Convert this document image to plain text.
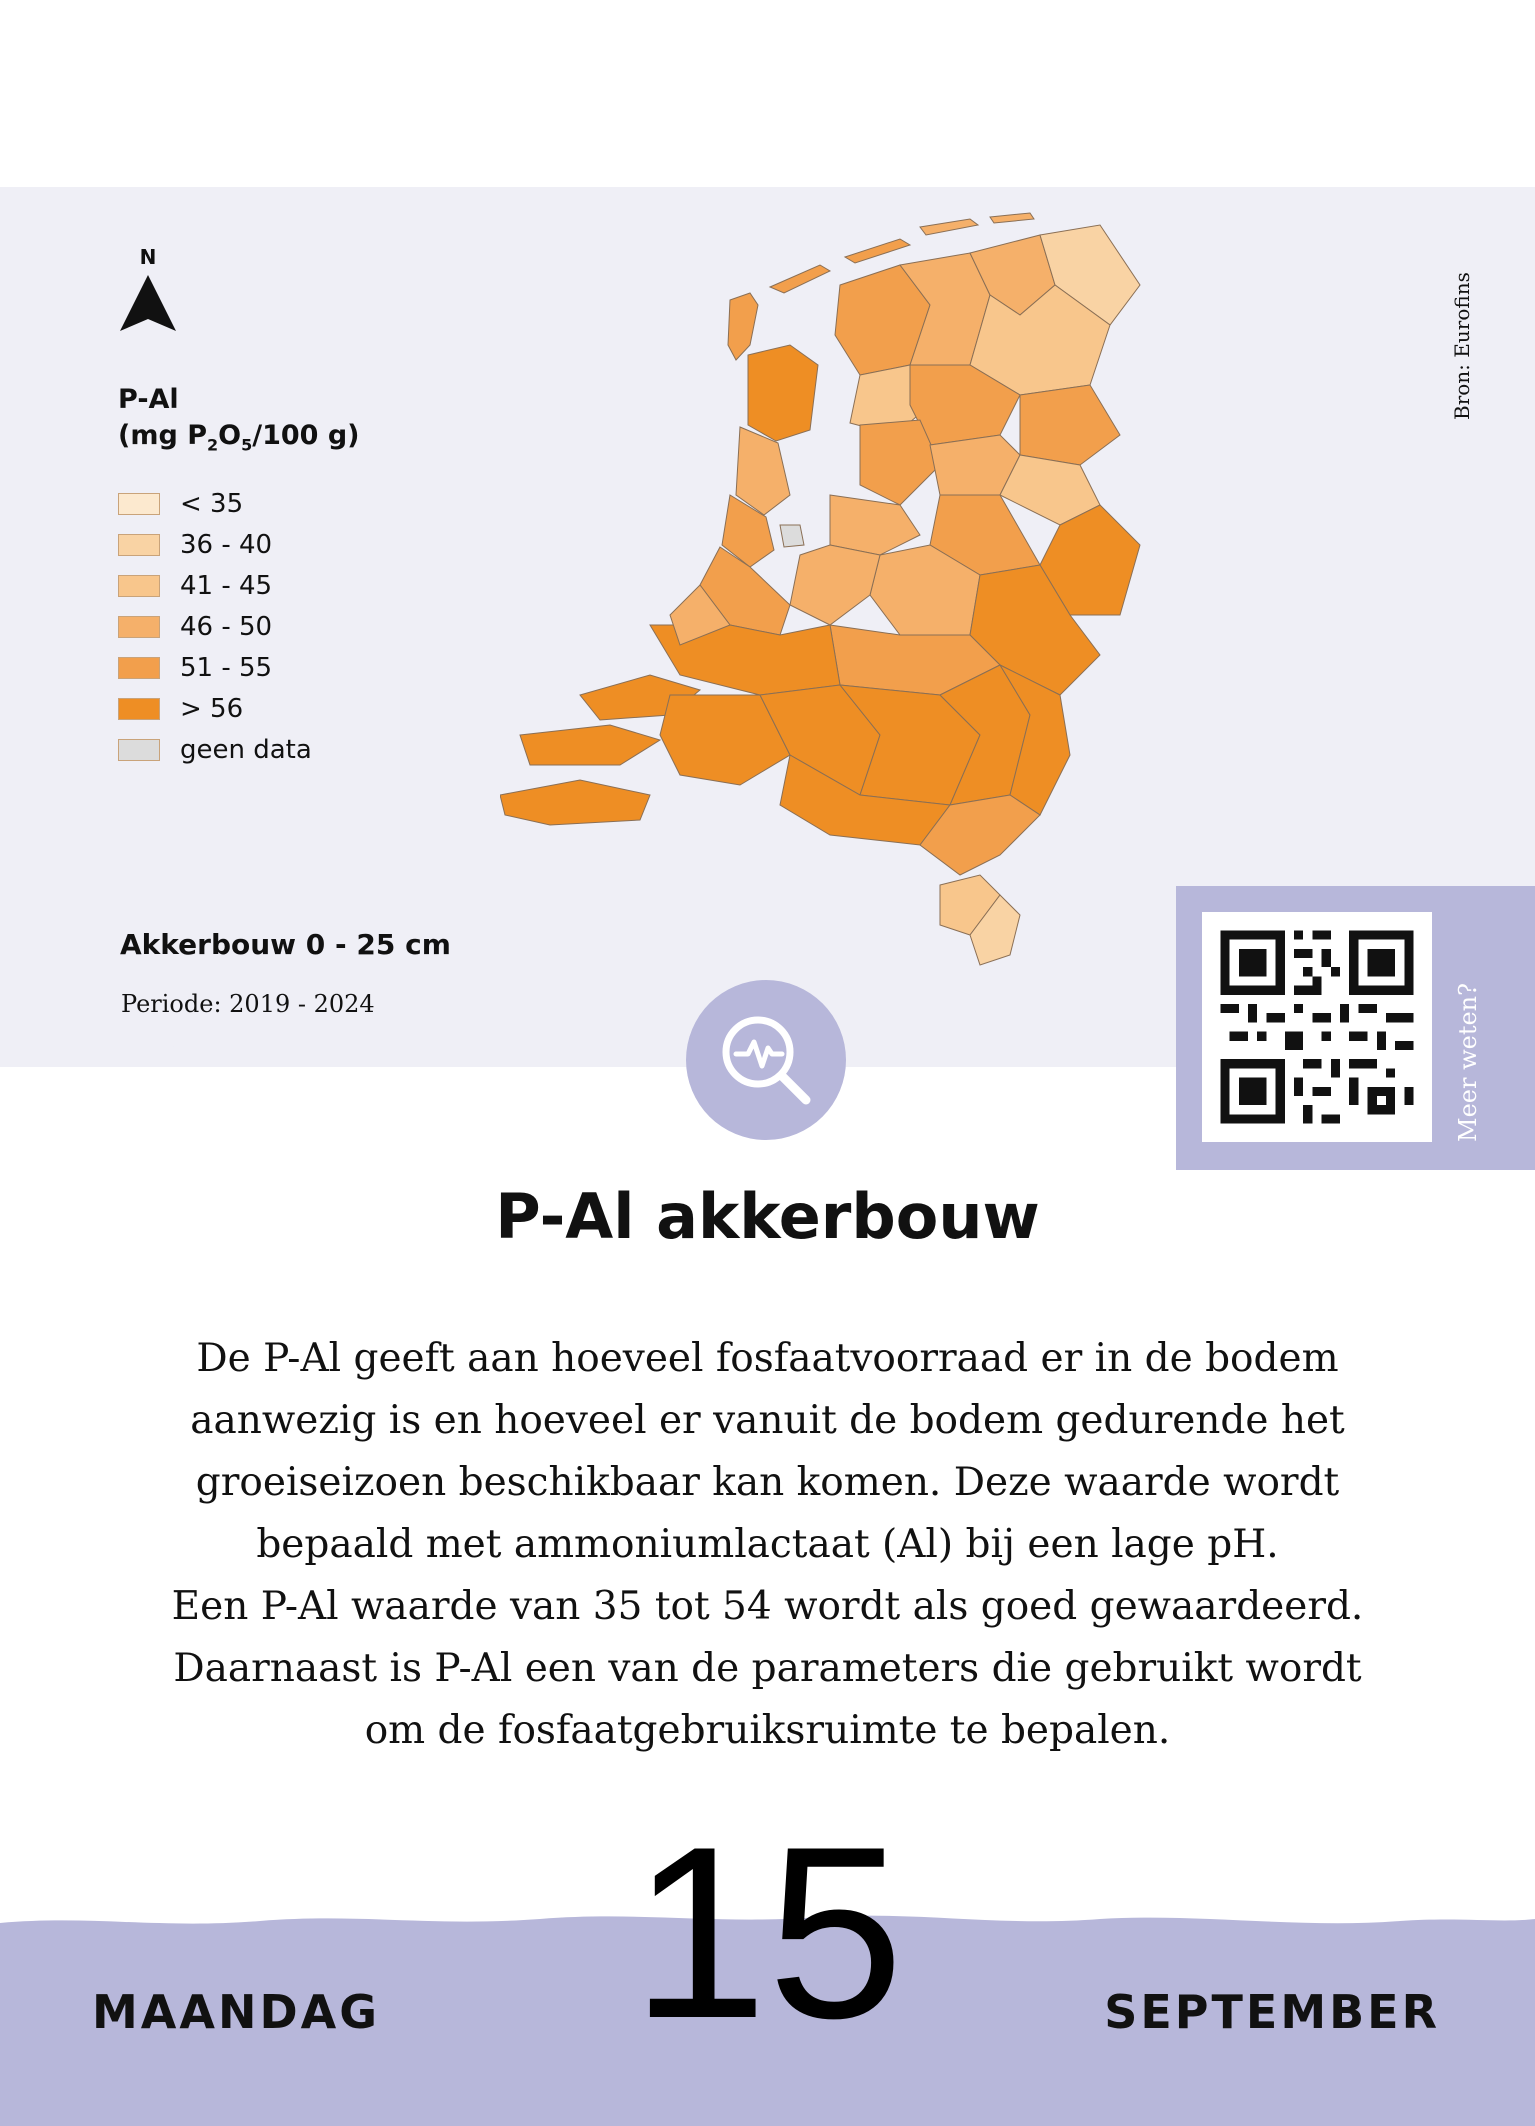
N
P-Al
(mg $P_2O_5/100$ g)
< 35
36 - 40
41 - 45
46 - 50
51 - 55
> 56
geen data
Akkerbouw 0 - 25 cm
Periode: 2019 - 2024
Bron: Eurofins
Meer weten?
P-Al akkerbouw
De P-Al geeft aan hoeveel fosfaatvoorraad er in de bodem
aanwezig is en hoeveel er vanuit de bodem gedurende het
groeiseizoen beschikbaar kan komen. Deze waarde wordt
bepaald met ammoniumlactaat (Al) bij een lage pH.
Een P-Al waarde van 35 tot 54 wordt als goed gewaardeerd.
Daarnaast is P-Al een van de parameters die gebruikt wordt
om de fosfaatgebruiksruimte te bepalen.
MAANDAG 15	SEPTEMBER
